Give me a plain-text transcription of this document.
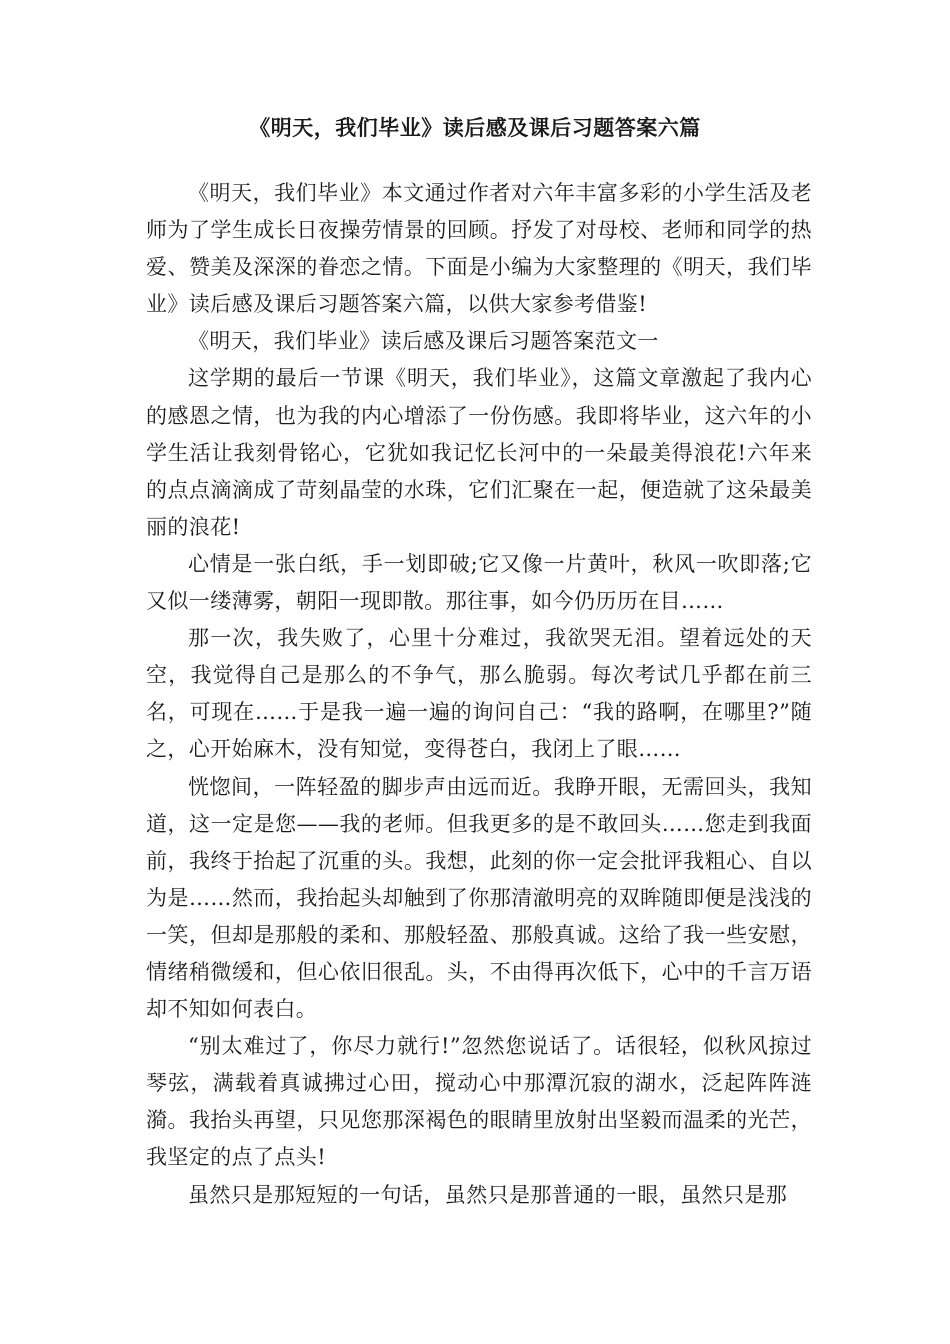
《明天，我们毕业》读后感及课后习题答案六篇

《明天，我们毕业》本文通过作者对六年丰富多彩的小学生活及老师为了学生成长日夜操劳情景的回顾。抒发了对母校、老师和同学的热爱、赞美及深深的眷恋之情。下面是小编为大家整理的《明天，我们毕业》读后感及课后习题答案六篇，以供大家参考借鉴!

《明天，我们毕业》读后感及课后习题答案范文一

这学期的最后一节课《明天，我们毕业》，这篇文章激起了我内心的感恩之情，也为我的内心增添了一份伤感。我即将毕业，这六年的小学生活让我刻骨铭心，它犹如我记忆长河中的一朵最美得浪花!六年来的点点滴滴成了苛刻晶莹的水珠，它们汇聚在一起，便造就了这朵最美丽的浪花!

心情是一张白纸，手一划即破;它又像一片黄叶，秋风一吹即落;它又似一缕薄雾，朝阳一现即散。那往事，如今仍历历在目……

那一次，我失败了，心里十分难过，我欲哭无泪。望着远处的天空，我觉得自己是那么的不争气，那么脆弱。每次考试几乎都在前三名，可现在……于是我一遍一遍的询问自己：“我的路啊，在哪里?”随之，心开始麻木，没有知觉，变得苍白，我闭上了眼……

恍惚间，一阵轻盈的脚步声由远而近。我睁开眼，无需回头，我知道，这一定是您——我的老师。但我更多的是不敢回头……您走到我面前，我终于抬起了沉重的头。我想，此刻的你一定会批评我粗心、自以为是……然而，我抬起头却触到了你那清澈明亮的双眸随即便是浅浅的一笑，但却是那般的柔和、那般轻盈、那般真诚。这给了我一些安慰，情绪稍微缓和，但心依旧很乱。头，不由得再次低下，心中的千言万语却不知如何表白。

“别太难过了，你尽力就行!”忽然您说话了。话很轻，似秋风掠过琴弦，满载着真诚拂过心田，搅动心中那潭沉寂的湖水，泛起阵阵涟漪。我抬头再望，只见您那深褐色的眼睛里放射出坚毅而温柔的光芒，我坚定的点了点头!

虽然只是那短短的一句话，虽然只是那普通的一眼，虽然只是那
